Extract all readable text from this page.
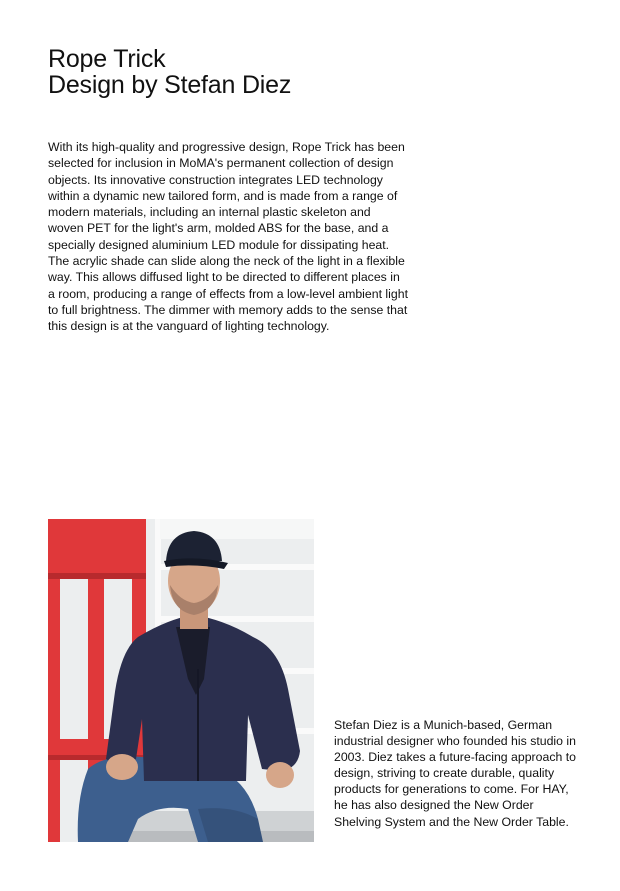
Rope Trick
Design by Stefan Diez

With its high-quality and progressive design, Rope Trick has been selected for inclusion in MoMA's permanent collection of design objects. Its innovative construction integrates LED technology within a dynamic new tailored form, and is made from a range of modern materials, including an internal plastic skeleton and woven PET for the light's arm, molded ABS for the base, and a specially designed aluminium LED module for dissipating heat. The acrylic shade can slide along the neck of the light in a flexible way. This allows diffused light to be directed to different places in a room, producing a range of effects from a low-level ambient light to full brightness. The dimmer with memory adds to the sense that this design is at the vanguard of lighting technology.

Stefan Diez is a Munich-based, German industrial designer who founded his studio in 2003. Diez takes a future-facing approach to design, striving to create durable, quality products for generations to come. For HAY, he has also designed the New Order Shelving System and the New Order Table.
